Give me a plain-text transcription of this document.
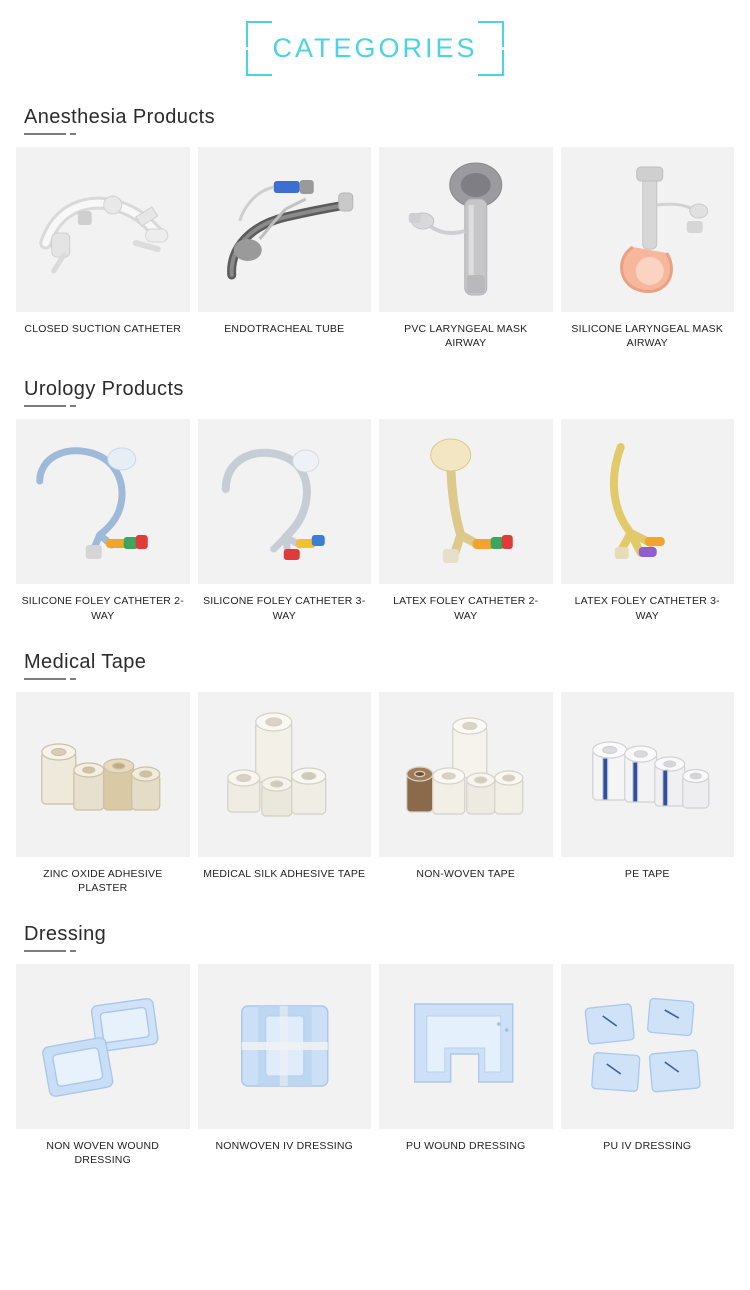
CATEGORIES
Anesthesia Products
CLOSED SUCTION CATHETER	ENDOTRACHEAL TUBE	PVC LARYNGEAL MASK AIRWAY
SILICONE LARYNGEAL MASK AIRWAY
Urology Products
SILICONE FOLEY CATHETER 2-WAY
SILICONE FOLEY CATHETER 3-WAY
LATEX FOLEY CATHETER 2-WAY
LATEX FOLEY CATHETER 3-WAY
Medical Tape
ZINC OXIDE ADHESIVE PLASTER
MEDICAL SILK ADHESIVE TAPE	NON-WOVEN TAPE	PE TAPE
Dressing
NON WOVEN WOUND DRESSING
NONWOVEN IV DRESSING	PU WOUND DRESSING	PU IV DRESSING
